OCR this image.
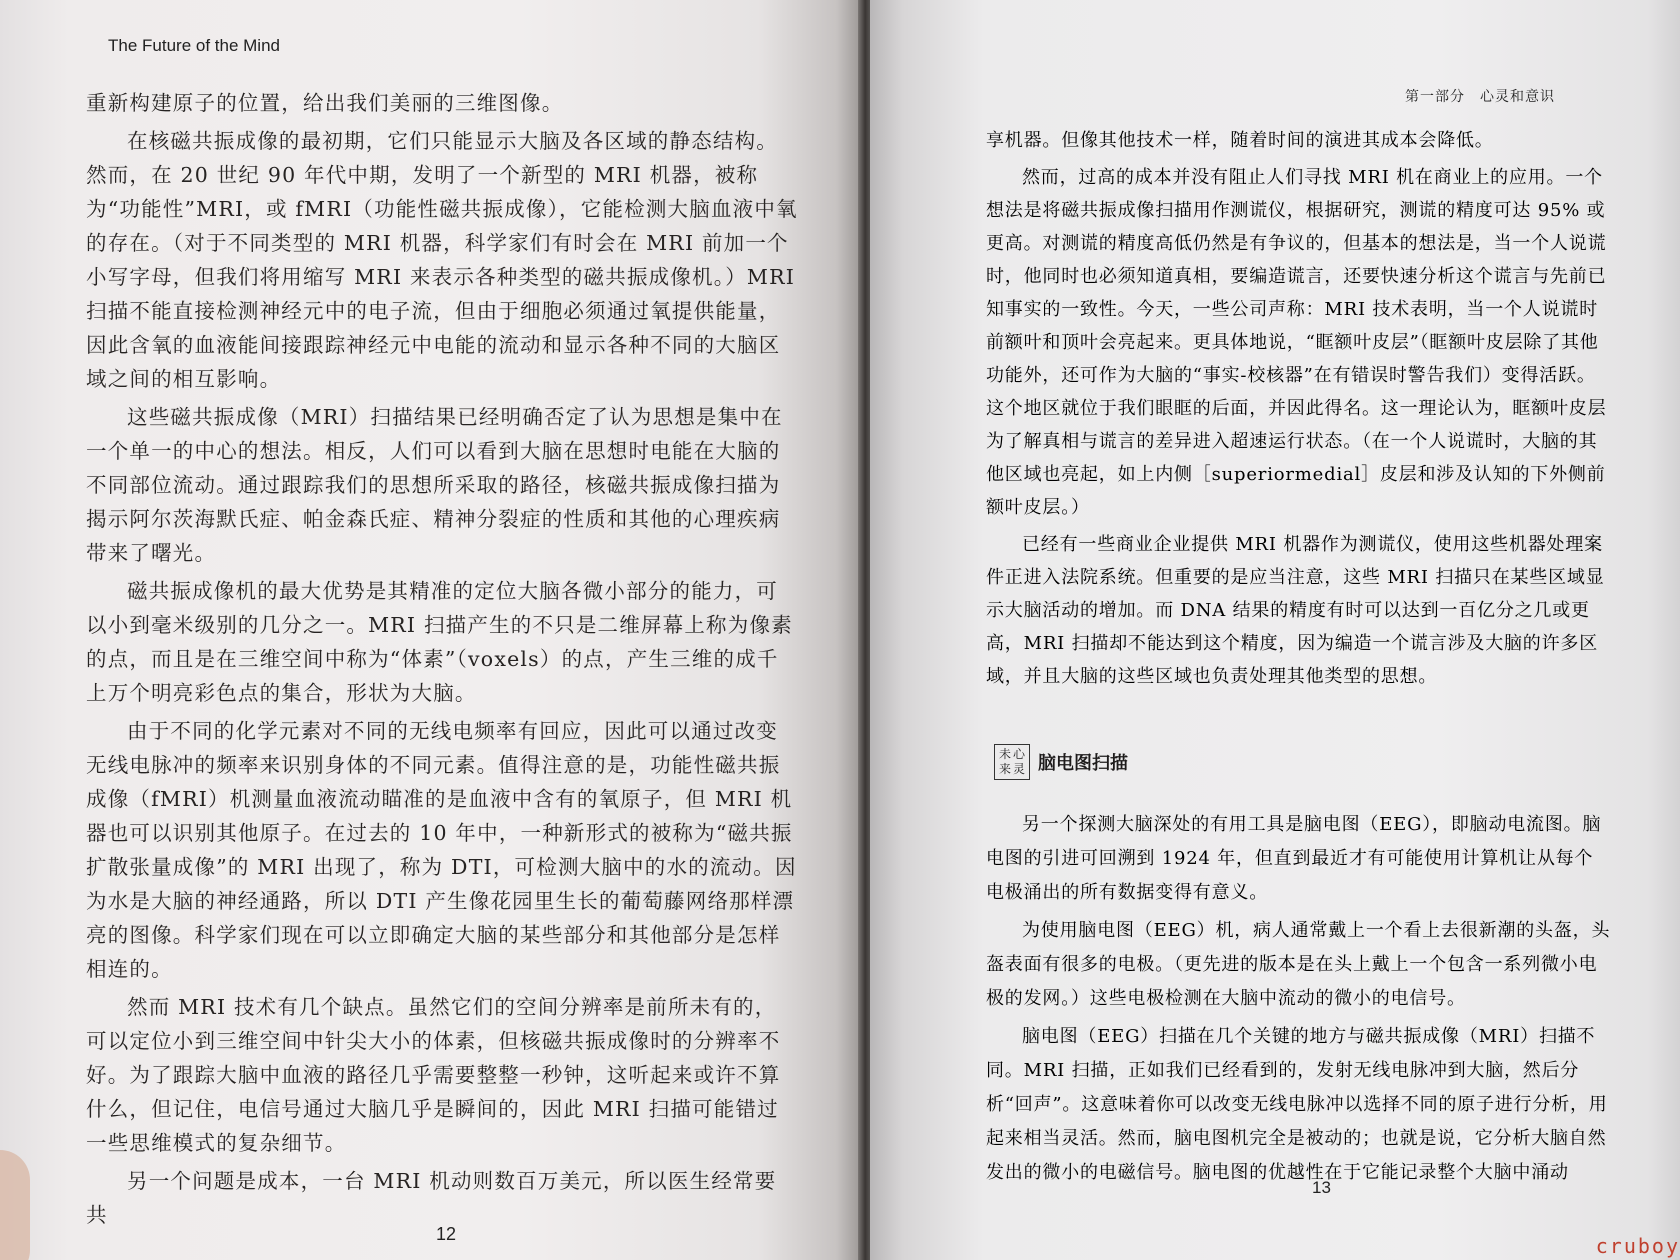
The Future of the Mind

重新构建原子的位置，给出我们美丽的三维图像。

在核磁共振成像的最初期，它们只能显示大脑及各区域的静态结构。然而，在 20 世纪 90 年代中期，发明了一个新型的 MRI 机器，被称为“功能性”MRI，或 fMRI（功能性磁共振成像），它能检测大脑血液中氧的存在。（对于不同类型的 MRI 机器，科学家们有时会在 MRI 前加一个小写字母，但我们将用缩写 MRI 来表示各种类型的磁共振成像机。）MRI 扫描不能直接检测神经元中的电子流，但由于细胞必须通过氧提供能量，因此含氧的血液能间接跟踪神经元中电能的流动和显示各种不同的大脑区域之间的相互影响。

这些磁共振成像（MRI）扫描结果已经明确否定了认为思想是集中在一个单一的中心的想法。相反，人们可以看到大脑在思想时电能在大脑的不同部位流动。通过跟踪我们的思想所采取的路径，核磁共振成像扫描为揭示阿尔茨海默氏症、帕金森氏症、精神分裂症的性质和其他的心理疾病带来了曙光。

磁共振成像机的最大优势是其精准的定位大脑各微小部分的能力，可以小到毫米级别的几分之一。MRI 扫描产生的不只是二维屏幕上称为像素的点，而且是在三维空间中称为“体素”（voxels）的点，产生三维的成千上万个明亮彩色点的集合，形状为大脑。

由于不同的化学元素对不同的无线电频率有回应，因此可以通过改变无线电脉冲的频率来识别身体的不同元素。值得注意的是，功能性磁共振成像（fMRI）机测量血液流动瞄准的是血液中含有的氧原子，但 MRI 机器也可以识别其他原子。在过去的 10 年中，一种新形式的被称为“磁共振扩散张量成像”的 MRI 出现了，称为 DTI，可检测大脑中的水的流动。因为水是大脑的神经通路，所以 DTI 产生像花园里生长的葡萄藤网络那样漂亮的图像。科学家们现在可以立即确定大脑的某些部分和其他部分是怎样相连的。

然而 MRI 技术有几个缺点。虽然它们的空间分辨率是前所未有的，可以定位小到三维空间中针尖大小的体素，但核磁共振成像时的分辨率不好。为了跟踪大脑中血液的路径几乎需要整整一秒钟，这听起来或许不算什么，但记住，电信号通过大脑几乎是瞬间的，因此 MRI 扫描可能错过一些思维模式的复杂细节。

另一个问题是成本，一台 MRI 机动则数百万美元，所以医生经常要共

12
第一部分　心灵和意识

享机器。但像其他技术一样，随着时间的演进其成本会降低。

然而，过高的成本并没有阻止人们寻找 MRI 机在商业上的应用。一个想法是将磁共振成像扫描用作测谎仪，根据研究，测谎的精度可达 95% 或更高。对测谎的精度高低仍然是有争议的，但基本的想法是，当一个人说谎时，他同时也必须知道真相，要编造谎言，还要快速分析这个谎言与先前已知事实的一致性。今天，一些公司声称：MRI 技术表明，当一个人说谎时前额叶和顶叶会亮起来。更具体地说，“眶额叶皮层”（眶额叶皮层除了其他功能外，还可作为大脑的“事实-校核器”在有错误时警告我们）变得活跃。这个地区就位于我们眼眶的后面，并因此得名。这一理论认为，眶额叶皮层为了解真相与谎言的差异进入超速运行状态。（在一个人说谎时，大脑的其他区域也亮起，如上内侧［superiormedial］皮层和涉及认知的下外侧前额叶皮层。）

已经有一些商业企业提供 MRI 机器作为测谎仪，使用这些机器处理案件正进入法院系统。但重要的是应当注意，这些 MRI 扫描只在某些区域显示大脑活动的增加。而 DNA 结果的精度有时可以达到一百亿分之几或更高，MRI 扫描却不能达到这个精度，因为编造一个谎言涉及大脑的许多区域，并且大脑的这些区域也负责处理其他类型的思想。

未 心
来 灵 脑电图扫描

另一个探测大脑深处的有用工具是脑电图（EEG），即脑动电流图。脑电图的引进可回溯到 1924 年，但直到最近才有可能使用计算机让从每个电极涌出的所有数据变得有意义。

为使用脑电图（EEG）机，病人通常戴上一个看上去很新潮的头盔，头盔表面有很多的电极。（更先进的版本是在头上戴上一个包含一系列微小电极的发网。）这些电极检测在大脑中流动的微小的电信号。

脑电图（EEG）扫描在几个关键的地方与磁共振成像（MRI）扫描不同。MRI 扫描，正如我们已经看到的，发射无线电脉冲到大脑，然后分析“回声”。这意味着你可以改变无线电脉冲以选择不同的原子进行分析，用起来相当灵活。然而，脑电图机完全是被动的；也就是说，它分析大脑自然发出的微小的电磁信号。脑电图的优越性在于它能记录整个大脑中涌动

13
cruboy
